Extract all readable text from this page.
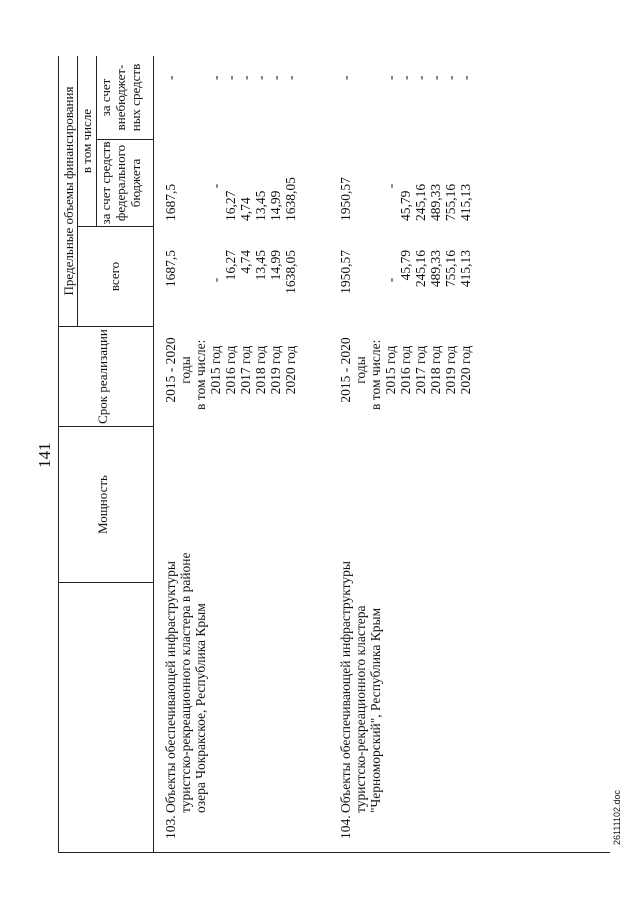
141
Мощность
Срок реализации
Предельные объемы финансирования всего
в том числе
за счет средств федерального бюджета
за счет внебюджет-ных средств
103.
Объекты обеспечивающей инфраструктуры туристско-рекреационного кластера в районе озера Чокракское, Республика Крым
2015 - 2020 годы в том числе: 2015 год 2016 год 2017 год 2018 год 2019 год 2020 год
1687,5 - 16,27 4,74 13,45 14,99 1638,05
1687,5 -
16,27 4,74 13,45 14,99 1638,05
-
104.
Объекты обеспечивающей инфраструктуры туристско-рекреационного кластера "Черноморский", Республика Крым
2015 - 2020 годы в том числе: 2015 год 2016 год 2017 год 2018 год 2019 год 2020 год
1950,57 - 45,79 245,16 489,33 755,16 415,13
1950,57 -
45,79 245,16 489,33 755,16 415,13
-
- - - - - -	- - - - - -
26111102.doc
